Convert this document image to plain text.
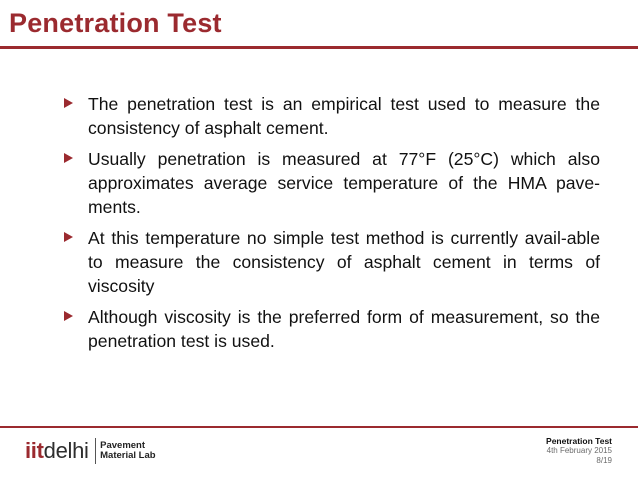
Penetration Test
The penetration test is an empirical test used to measure the consistency of asphalt cement.
Usually penetration is measured at 77°F (25°C) which also approximates average service temperature of the HMA pave-ments.
At this temperature no simple test method is currently avail-able to measure the consistency of asphalt cement in terms of viscosity
Although viscosity is the preferred form of measurement, so the penetration test is used.
iitdelhi Pavement
Material Lab
Penetration Test
4th February 2015
8/19
